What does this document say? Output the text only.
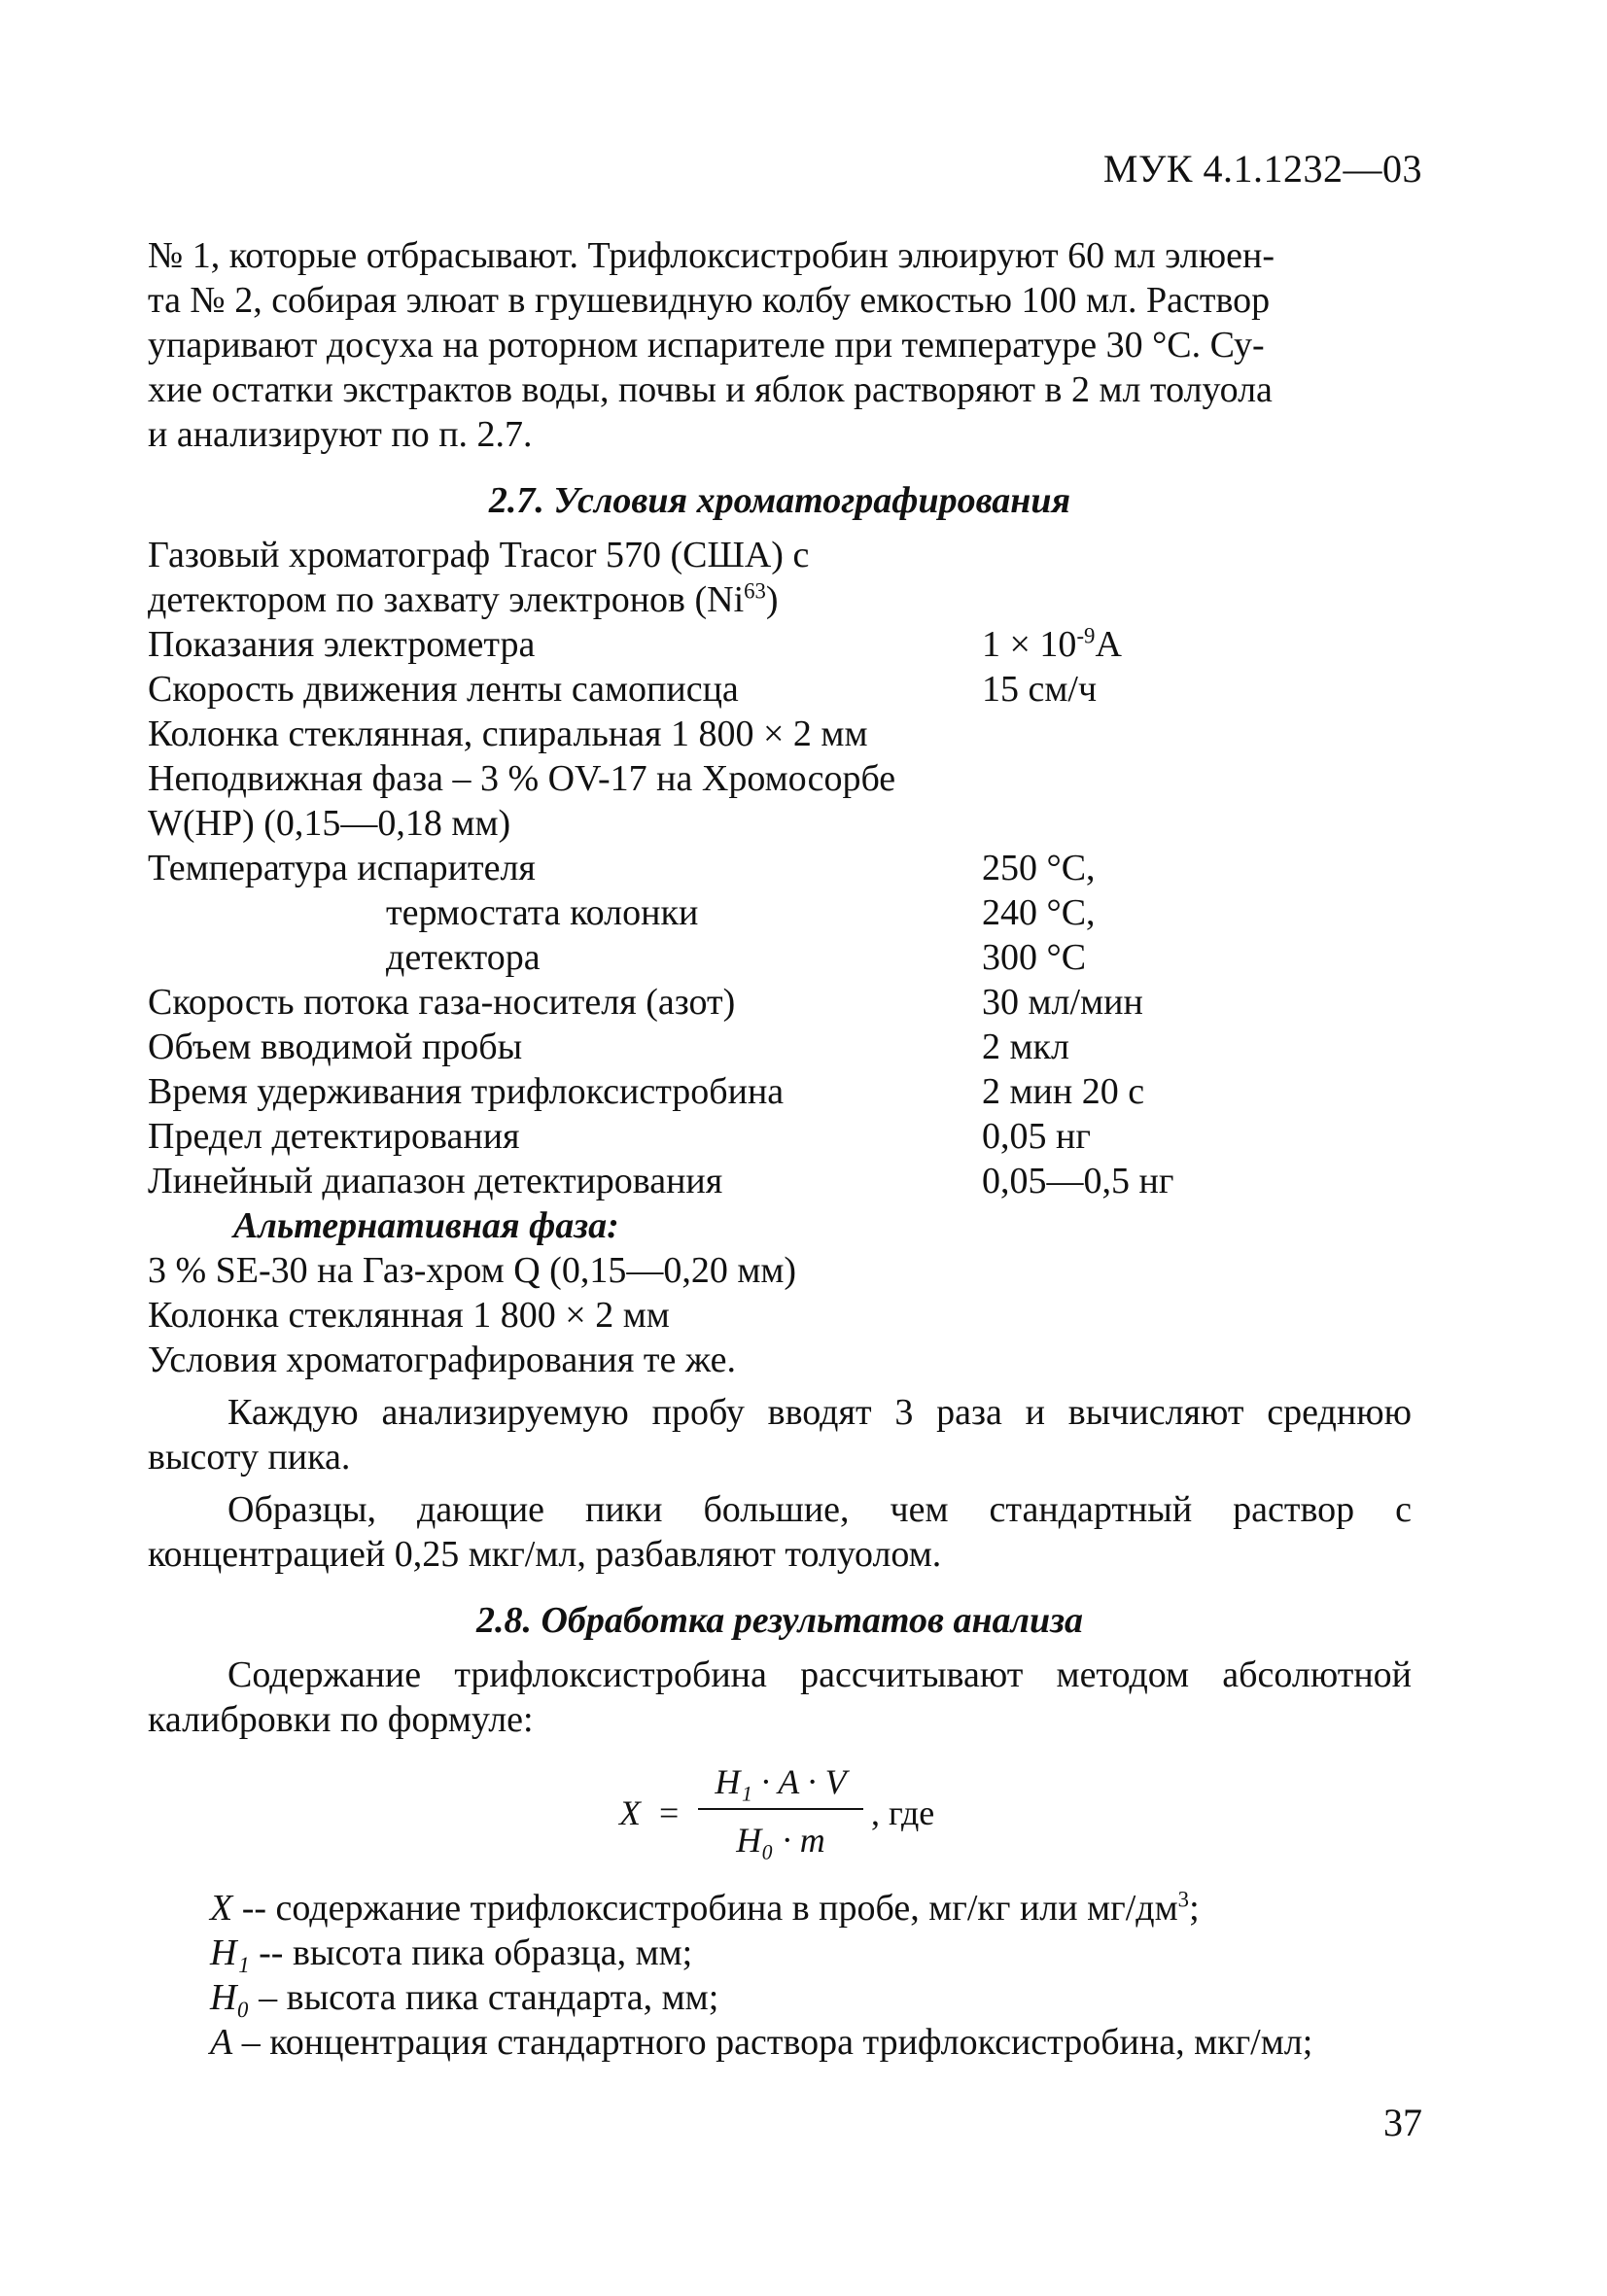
МУК 4.1.1232—03

№ 1, которые отбрасывают. Трифлоксистробин элюируют 60 мл элюен-
та № 2, собирая элюат в грушевидную колбу емкостью 100 мл. Раствор
упаривают досуха на роторном испарителе при температуре 30 °С. Су-
хие остатки экстрактов воды, почвы и яблок растворяют в 2 мл толуола
и анализируют по п. 2.7.

2.7. Условия хроматографирования
Газовый хроматограф Tracor 570 (США) с
детектором по захвату электронов (Ni$^{63}$)
Показания электрометра	$1 \times 10^{-9}A$
Скорость движения ленты самописца	15 см/ч
Колонка стеклянная, спиральная 1 800 × 2 мм
Неподвижная фаза – 3 % OV-17 на Хромосорбе
W(HP) (0,15—0,18 мм)
Температура испарителя	250 °С,
термостата колонки	240 °С,
детектора	300 °С
Скорость потока газа-носителя (азот)	30 мл/мин
Объем вводимой пробы	2 мкл
Время удерживания трифлоксистробина	2 мин 20 с
Предел детектирования	0,05 нг
Линейный диапазон детектирования	0,05—0,5 нг
Альтернативная фаза:
3 % SE-30 на Газ-хром Q (0,15—0,20 мм)
Колонка стеклянная 1 800 × 2 мм
Условия хроматографирования те же.

Каждую анализируемую пробу вводят 3 раза и вычисляют среднюю высоту пика.

Образцы, дающие пики большие, чем стандартный раствор с концентрацией 0,25 мкг/мл, разбавляют толуолом.

2.8. Обработка результатов анализа

Содержание трифлоксистробина рассчитывают методом абсолютной калибровки по формуле:

$X = \frac{\text{H₁ · A · V}}{\text{H₀ · m}}$ , где
X -- содержание трифлоксистробина в пробе, мг/кг или $мг/дм^3$;
H₁ -- высота пика образца, мм;
H₀ – высота пика стандарта, мм;
A – концентрация стандартного раствора трифлоксистробина, мкг/мл;
37
